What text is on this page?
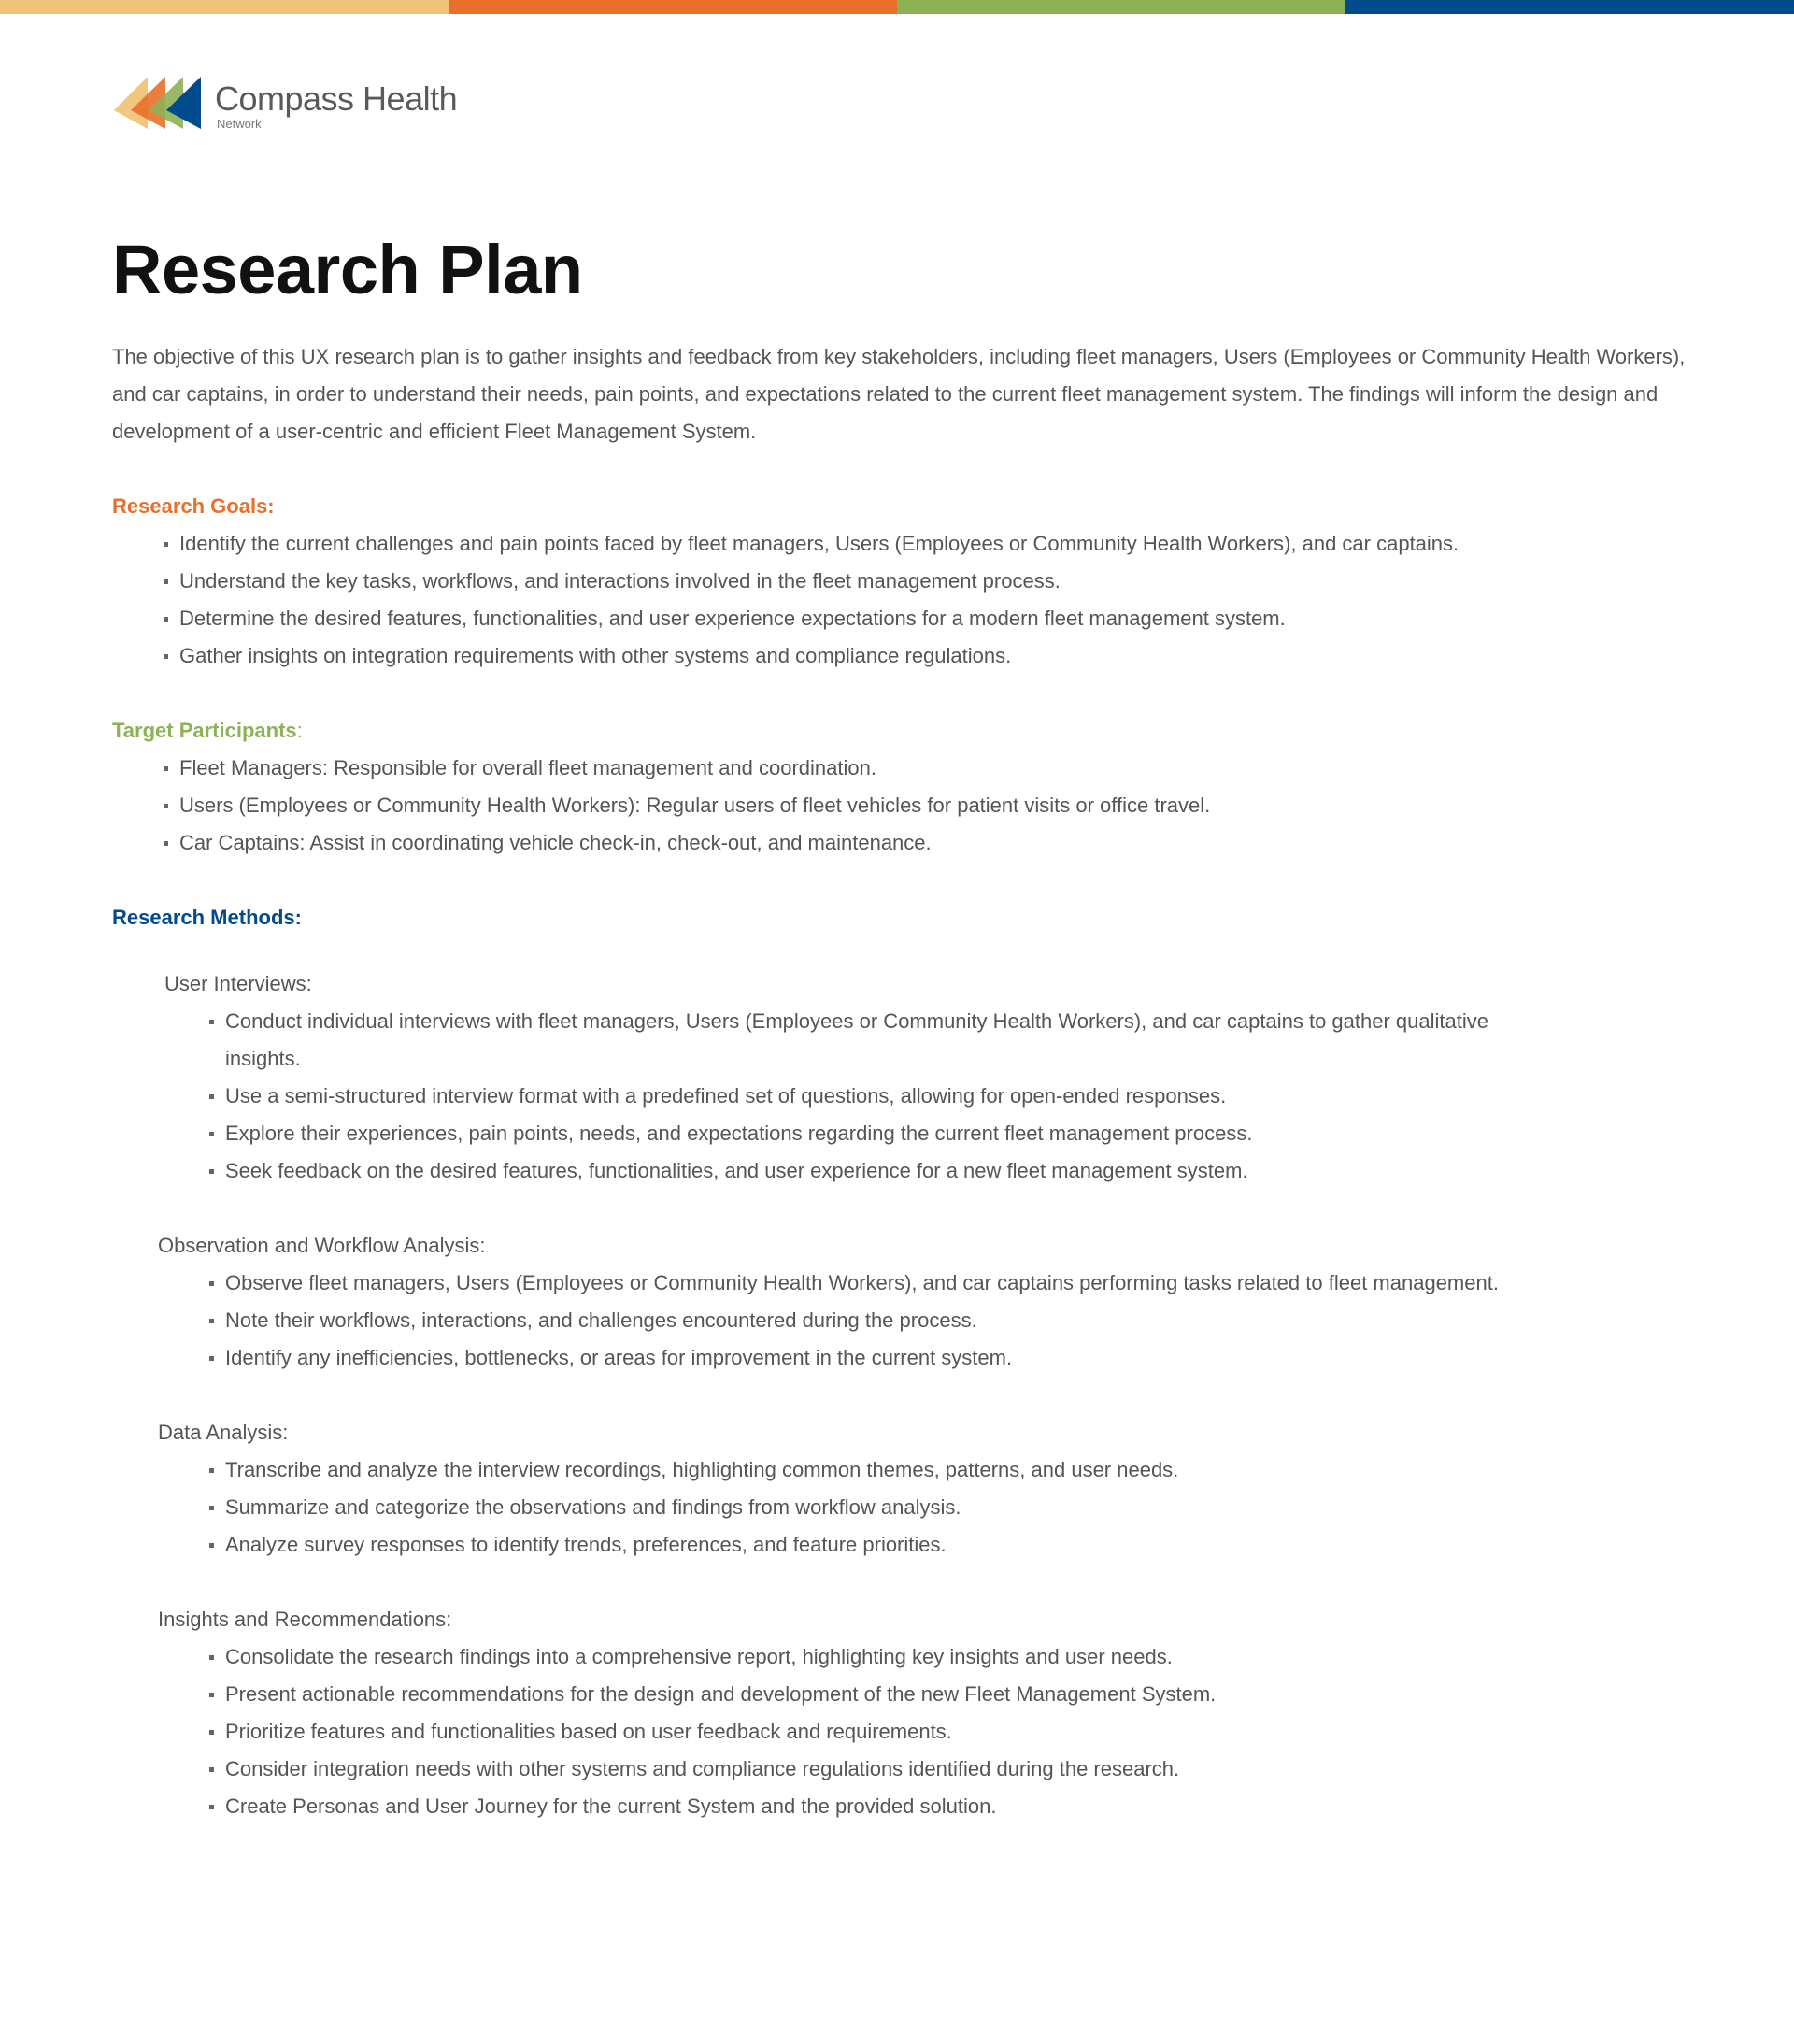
Compass Health
Network
Research Plan

The objective of this UX research plan is to gather insights and feedback from key stakeholders, including fleet managers, Users (Employees or Community Health Workers), and car captains, in order to understand their needs, pain points, and expectations related to the current fleet management system. The findings will inform the design and development of a user-centric and efficient Fleet Management System.

Research Goals:
Identify the current challenges and pain points faced by fleet managers, Users (Employees or Community Health Workers), and car captains.
Understand the key tasks, workflows, and interactions involved in the fleet management process.
Determine the desired features, functionalities, and user experience expectations for a modern fleet management system.
Gather insights on integration requirements with other systems and compliance regulations.
Target Participants:
Fleet Managers: Responsible for overall fleet management and coordination.
Users (Employees or Community Health Workers): Regular users of fleet vehicles for patient visits or office travel.
Car Captains: Assist in coordinating vehicle check-in, check-out, and maintenance.
Research Methods:
User Interviews:
Conduct individual interviews with fleet managers, Users (Employees or Community Health Workers), and car captains to gather qualitative insights.
Use a semi-structured interview format with a predefined set of questions, allowing for open-ended responses.
Explore their experiences, pain points, needs, and expectations regarding the current fleet management process.
Seek feedback on the desired features, functionalities, and user experience for a new fleet management system.
Observation and Workflow Analysis:
Observe fleet managers, Users (Employees or Community Health Workers), and car captains performing tasks related to fleet management.
Note their workflows, interactions, and challenges encountered during the process.
Identify any inefficiencies, bottlenecks, or areas for improvement in the current system.
Data Analysis:
Transcribe and analyze the interview recordings, highlighting common themes, patterns, and user needs.
Summarize and categorize the observations and findings from workflow analysis.
Analyze survey responses to identify trends, preferences, and feature priorities.
Insights and Recommendations:
Consolidate the research findings into a comprehensive report, highlighting key insights and user needs.
Present actionable recommendations for the design and development of the new Fleet Management System.
Prioritize features and functionalities based on user feedback and requirements.
Consider integration needs with other systems and compliance regulations identified during the research.
Create Personas and User Journey for the current System and the provided solution.
